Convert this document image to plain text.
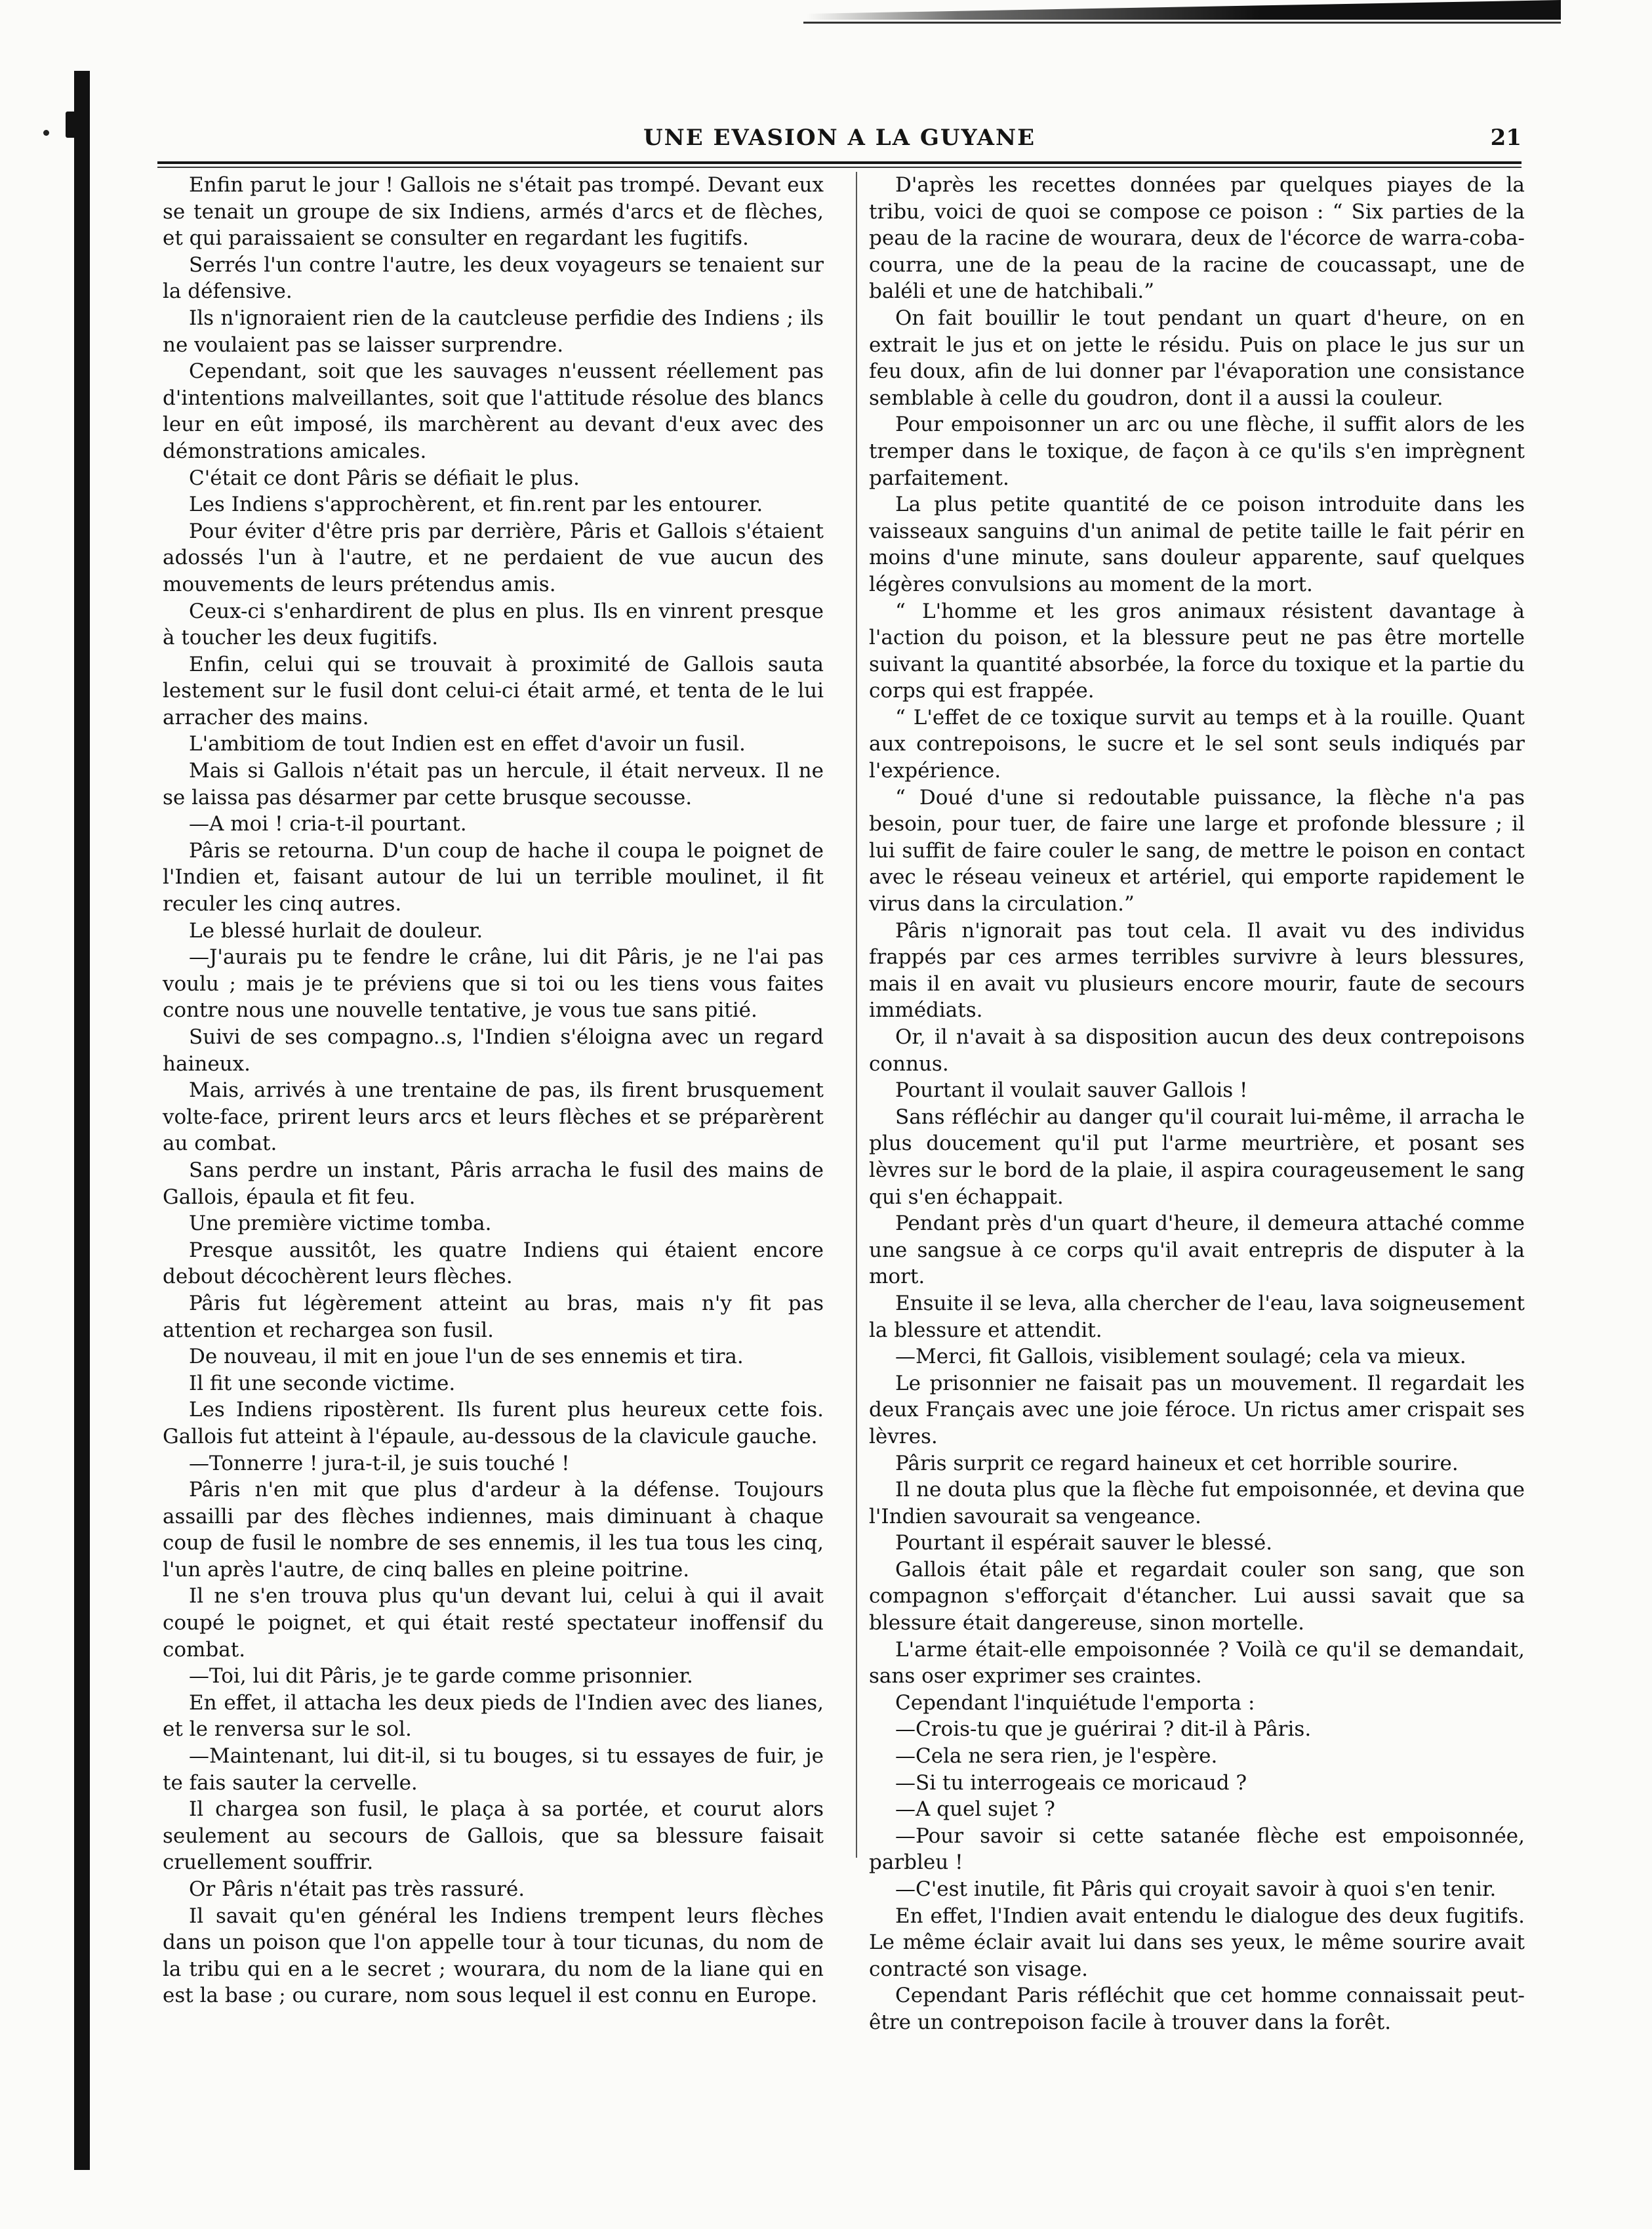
UNE EVASION A LA GUYANE	21

Enfin parut le jour ! Gallois ne s'était pas trompé. Devant eux se tenait un groupe de six Indiens, armés d'arcs et de flèches, et qui paraissaient se consulter en regardant les fugitifs.

Serrés l'un contre l'autre, les deux voyageurs se tenaient sur la défensive.

Ils n'ignoraient rien de la cautcleuse perfidie des Indiens ; ils ne voulaient pas se laisser surprendre.

Cependant, soit que les sauvages n'eussent réellement pas d'intentions malveillantes, soit que l'attitude résolue des blancs leur en eût imposé, ils marchèrent au devant d'eux avec des démonstrations amicales.

C'était ce dont Pâris se défiait le plus.

Les Indiens s'approchèrent, et fin.rent par les entourer.

Pour éviter d'être pris par derrière, Pâris et Gallois s'étaient adossés l'un à l'autre, et ne perdaient de vue aucun des mouvements de leurs prétendus amis.

Ceux-ci s'enhardirent de plus en plus. Ils en vinrent presque à toucher les deux fugitifs.

Enfin, celui qui se trouvait à proximité de Gallois sauta lestement sur le fusil dont celui-ci était armé, et tenta de le lui arracher des mains.

L'ambitiom de tout Indien est en effet d'avoir un fusil.

Mais si Gallois n'était pas un hercule, il était nerveux. Il ne se laissa pas désarmer par cette brusque secousse.

—A moi ! cria-t-il pourtant.

Pâris se retourna. D'un coup de hache il coupa le poignet de l'Indien et, faisant autour de lui un terrible moulinet, il fit reculer les cinq autres.

Le blessé hurlait de douleur.

—J'aurais pu te fendre le crâne, lui dit Pâris, je ne l'ai pas voulu ; mais je te préviens que si toi ou les tiens vous faites contre nous une nouvelle tentative, je vous tue sans pitié.

Suivi de ses compagno..s, l'Indien s'éloigna avec un regard haineux.

Mais, arrivés à une trentaine de pas, ils firent brusquement volte-face, prirent leurs arcs et leurs flèches et se préparèrent au combat.

Sans perdre un instant, Pâris arracha le fusil des mains de Gallois, épaula et fit feu.

Une première victime tomba.

Presque aussitôt, les quatre Indiens qui étaient encore debout décochèrent leurs flèches.

Pâris fut légèrement atteint au bras, mais n'y fit pas attention et rechargea son fusil.

De nouveau, il mit en joue l'un de ses ennemis et tira.

Il fit une seconde victime.

Les Indiens ripostèrent. Ils furent plus heureux cette fois. Gallois fut atteint à l'épaule, au-dessous de la clavicule gauche.

—Tonnerre ! jura-t-il, je suis touché !

Pâris n'en mit que plus d'ardeur à la défense. Toujours assailli par des flèches indiennes, mais diminuant à chaque coup de fusil le nombre de ses ennemis, il les tua tous les cinq, l'un après l'autre, de cinq balles en pleine poitrine.

Il ne s'en trouva plus qu'un devant lui, celui à qui il avait coupé le poignet, et qui était resté spectateur inoffensif du combat.

—Toi, lui dit Pâris, je te garde comme prisonnier.

En effet, il attacha les deux pieds de l'Indien avec des lianes, et le renversa sur le sol.

—Maintenant, lui dit-il, si tu bouges, si tu essayes de fuir, je te fais sauter la cervelle.

Il chargea son fusil, le plaça à sa portée, et courut alors seulement au secours de Gallois, que sa blessure faisait cruellement souffrir.

Or Pâris n'était pas très rassuré.

Il savait qu'en général les Indiens trempent leurs flèches dans un poison que l'on appelle tour à tour ticunas, du nom de la tribu qui en a le secret ; wourara, du nom de la liane qui en est la base ; ou curare, nom sous lequel il est connu en Europe.

D'après les recettes données par quelques piayes de la tribu, voici de quoi se compose ce poison : “ Six parties de la peau de la racine de wourara, deux de l'écorce de warra-coba-courra, une de la peau de la racine de coucassapt, une de baléli et une de hatchibali.”

On fait bouillir le tout pendant un quart d'heure, on en extrait le jus et on jette le résidu. Puis on place le jus sur un feu doux, afin de lui donner par l'évaporation une consistance semblable à celle du goudron, dont il a aussi la couleur.

Pour empoisonner un arc ou une flèche, il suffit alors de les tremper dans le toxique, de façon à ce qu'ils s'en imprègnent parfaitement.

La plus petite quantité de ce poison introduite dans les vaisseaux sanguins d'un animal de petite taille le fait périr en moins d'une minute, sans douleur apparente, sauf quelques légères convulsions au moment de la mort.

“ L'homme et les gros animaux résistent davantage à l'action du poison, et la blessure peut ne pas être mortelle suivant la quantité absorbée, la force du toxique et la partie du corps qui est frappée.

“ L'effet de ce toxique survit au temps et à la rouille. Quant aux contrepoisons, le sucre et le sel sont seuls indiqués par l'expérience.

“ Doué d'une si redoutable puissance, la flèche n'a pas besoin, pour tuer, de faire une large et profonde blessure ; il lui suffit de faire couler le sang, de mettre le poison en contact avec le réseau veineux et artériel, qui emporte rapidement le virus dans la circulation.”

Pâris n'ignorait pas tout cela. Il avait vu des individus frappés par ces armes terribles survivre à leurs blessures, mais il en avait vu plusieurs encore mourir, faute de secours immédiats.

Or, il n'avait à sa disposition aucun des deux contrepoisons connus.

Pourtant il voulait sauver Gallois !

Sans réfléchir au danger qu'il courait lui-même, il arracha le plus doucement qu'il put l'arme meurtrière, et posant ses lèvres sur le bord de la plaie, il aspira courageusement le sang qui s'en échappait.

Pendant près d'un quart d'heure, il demeura attaché comme une sangsue à ce corps qu'il avait entrepris de disputer à la mort.

Ensuite il se leva, alla chercher de l'eau, lava soigneusement la blessure et attendit.

—Merci, fit Gallois, visiblement soulagé; cela va mieux.

Le prisonnier ne faisait pas un mouvement. Il regardait les deux Français avec une joie féroce. Un rictus amer crispait ses lèvres.

Pâris surprit ce regard haineux et cet horrible sourire.

Il ne douta plus que la flèche fut empoisonnée, et devina que l'Indien savourait sa vengeance.

Pourtant il espérait sauver le blessé.

Gallois était pâle et regardait couler son sang, que son compagnon s'efforçait d'étancher. Lui aussi savait que sa blessure était dangereuse, sinon mortelle.

L'arme était-elle empoisonnée ? Voilà ce qu'il se demandait, sans oser exprimer ses craintes.

Cependant l'inquiétude l'emporta :

—Crois-tu que je guérirai ? dit-il à Pâris.

—Cela ne sera rien, je l'espère.

—Si tu interrogeais ce moricaud ?

—A quel sujet ?

—Pour savoir si cette satanée flèche est empoisonnée, parbleu !

—C'est inutile, fit Pâris qui croyait savoir à quoi s'en tenir.

En effet, l'Indien avait entendu le dialogue des deux fugitifs. Le même éclair avait lui dans ses yeux, le même sourire avait contracté son visage.

Cependant Paris réfléchit que cet homme connaissait peut-être un contrepoison facile à trouver dans la forêt.
